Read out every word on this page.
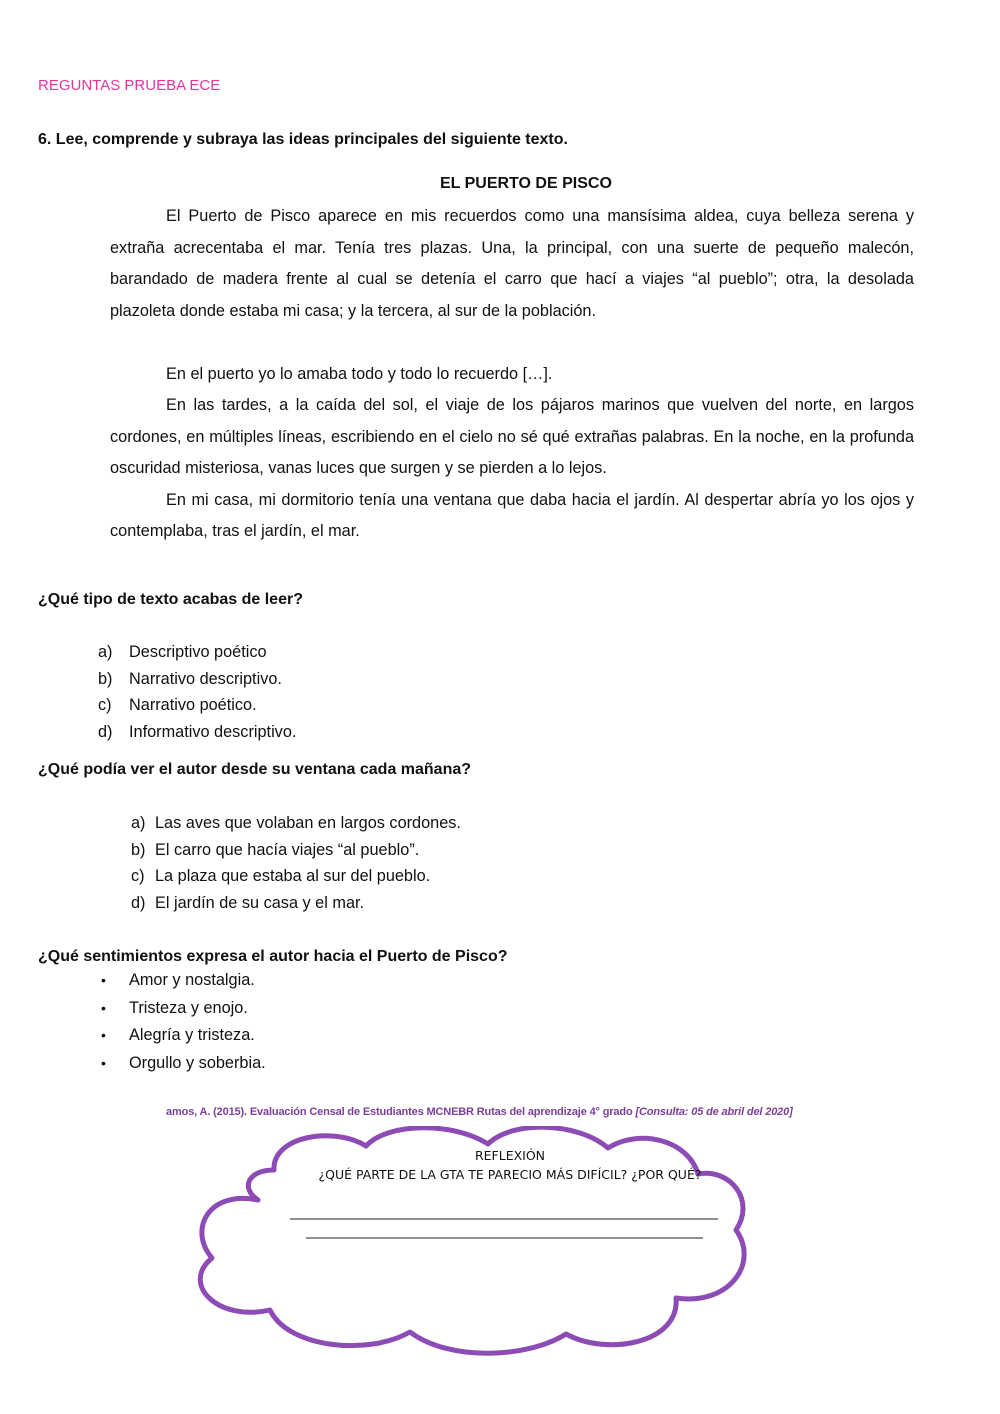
REGUNTAS PRUEBA ECE
6. Lee, comprende y subraya las ideas principales del siguiente texto.
EL PUERTO DE PISCO

El Puerto de Pisco aparece en mis recuerdos como una mansísima aldea, cuya belleza serena y extraña acrecentaba el mar. Tenía tres plazas. Una, la principal, con una suerte de pequeño malecón, barandado de madera frente al cual se detenía el carro que hací a viajes “al pueblo”; otra, la desolada plazoleta donde estaba mi casa; y la tercera, al sur de la población.

En el puerto yo lo amaba todo y todo lo recuerdo […].

En las tardes, a la caída del sol, el viaje de los pájaros marinos que vuelven del norte, en largos cordones, en múltiples líneas, escribiendo en el cielo no sé qué extrañas palabras. En la noche, en la profunda oscuridad misteriosa, vanas luces que surgen y se pierden a lo lejos.

En mi casa, mi dormitorio tenía una ventana que daba hacia el jardín. Al despertar abría yo los ojos y contemplaba, tras el jardín, el mar.

¿Qué tipo de texto acabas de leer?
a) Descriptivo poético
b) Narrativo descriptivo.
c) Narrativo poético.
d) Informativo descriptivo.
¿Qué podía ver el autor desde su ventana cada mañana?
a) Las aves que volaban en largos cordones.
b) El carro que hacía viajes “al pueblo”.
c) La plaza que estaba al sur del pueblo.
d) El jardín de su casa y el mar.
¿Qué sentimientos expresa el autor hacia el Puerto de Pisco?
• Amor y nostalgia.
• Tristeza y enojo.
• Alegría y tristeza.
• Orgullo y soberbia.
amos, A. (2015). Evaluación Censal de Estudiantes MCNEBR Rutas del aprendizaje 4° grado [Consulta: 05 de abril del 2020]
REFLEXIÓN
¿QUÉ PARTE DE LA GTA TE PARECIO MÁS DIFÍCIL? ¿POR QUÉ?
